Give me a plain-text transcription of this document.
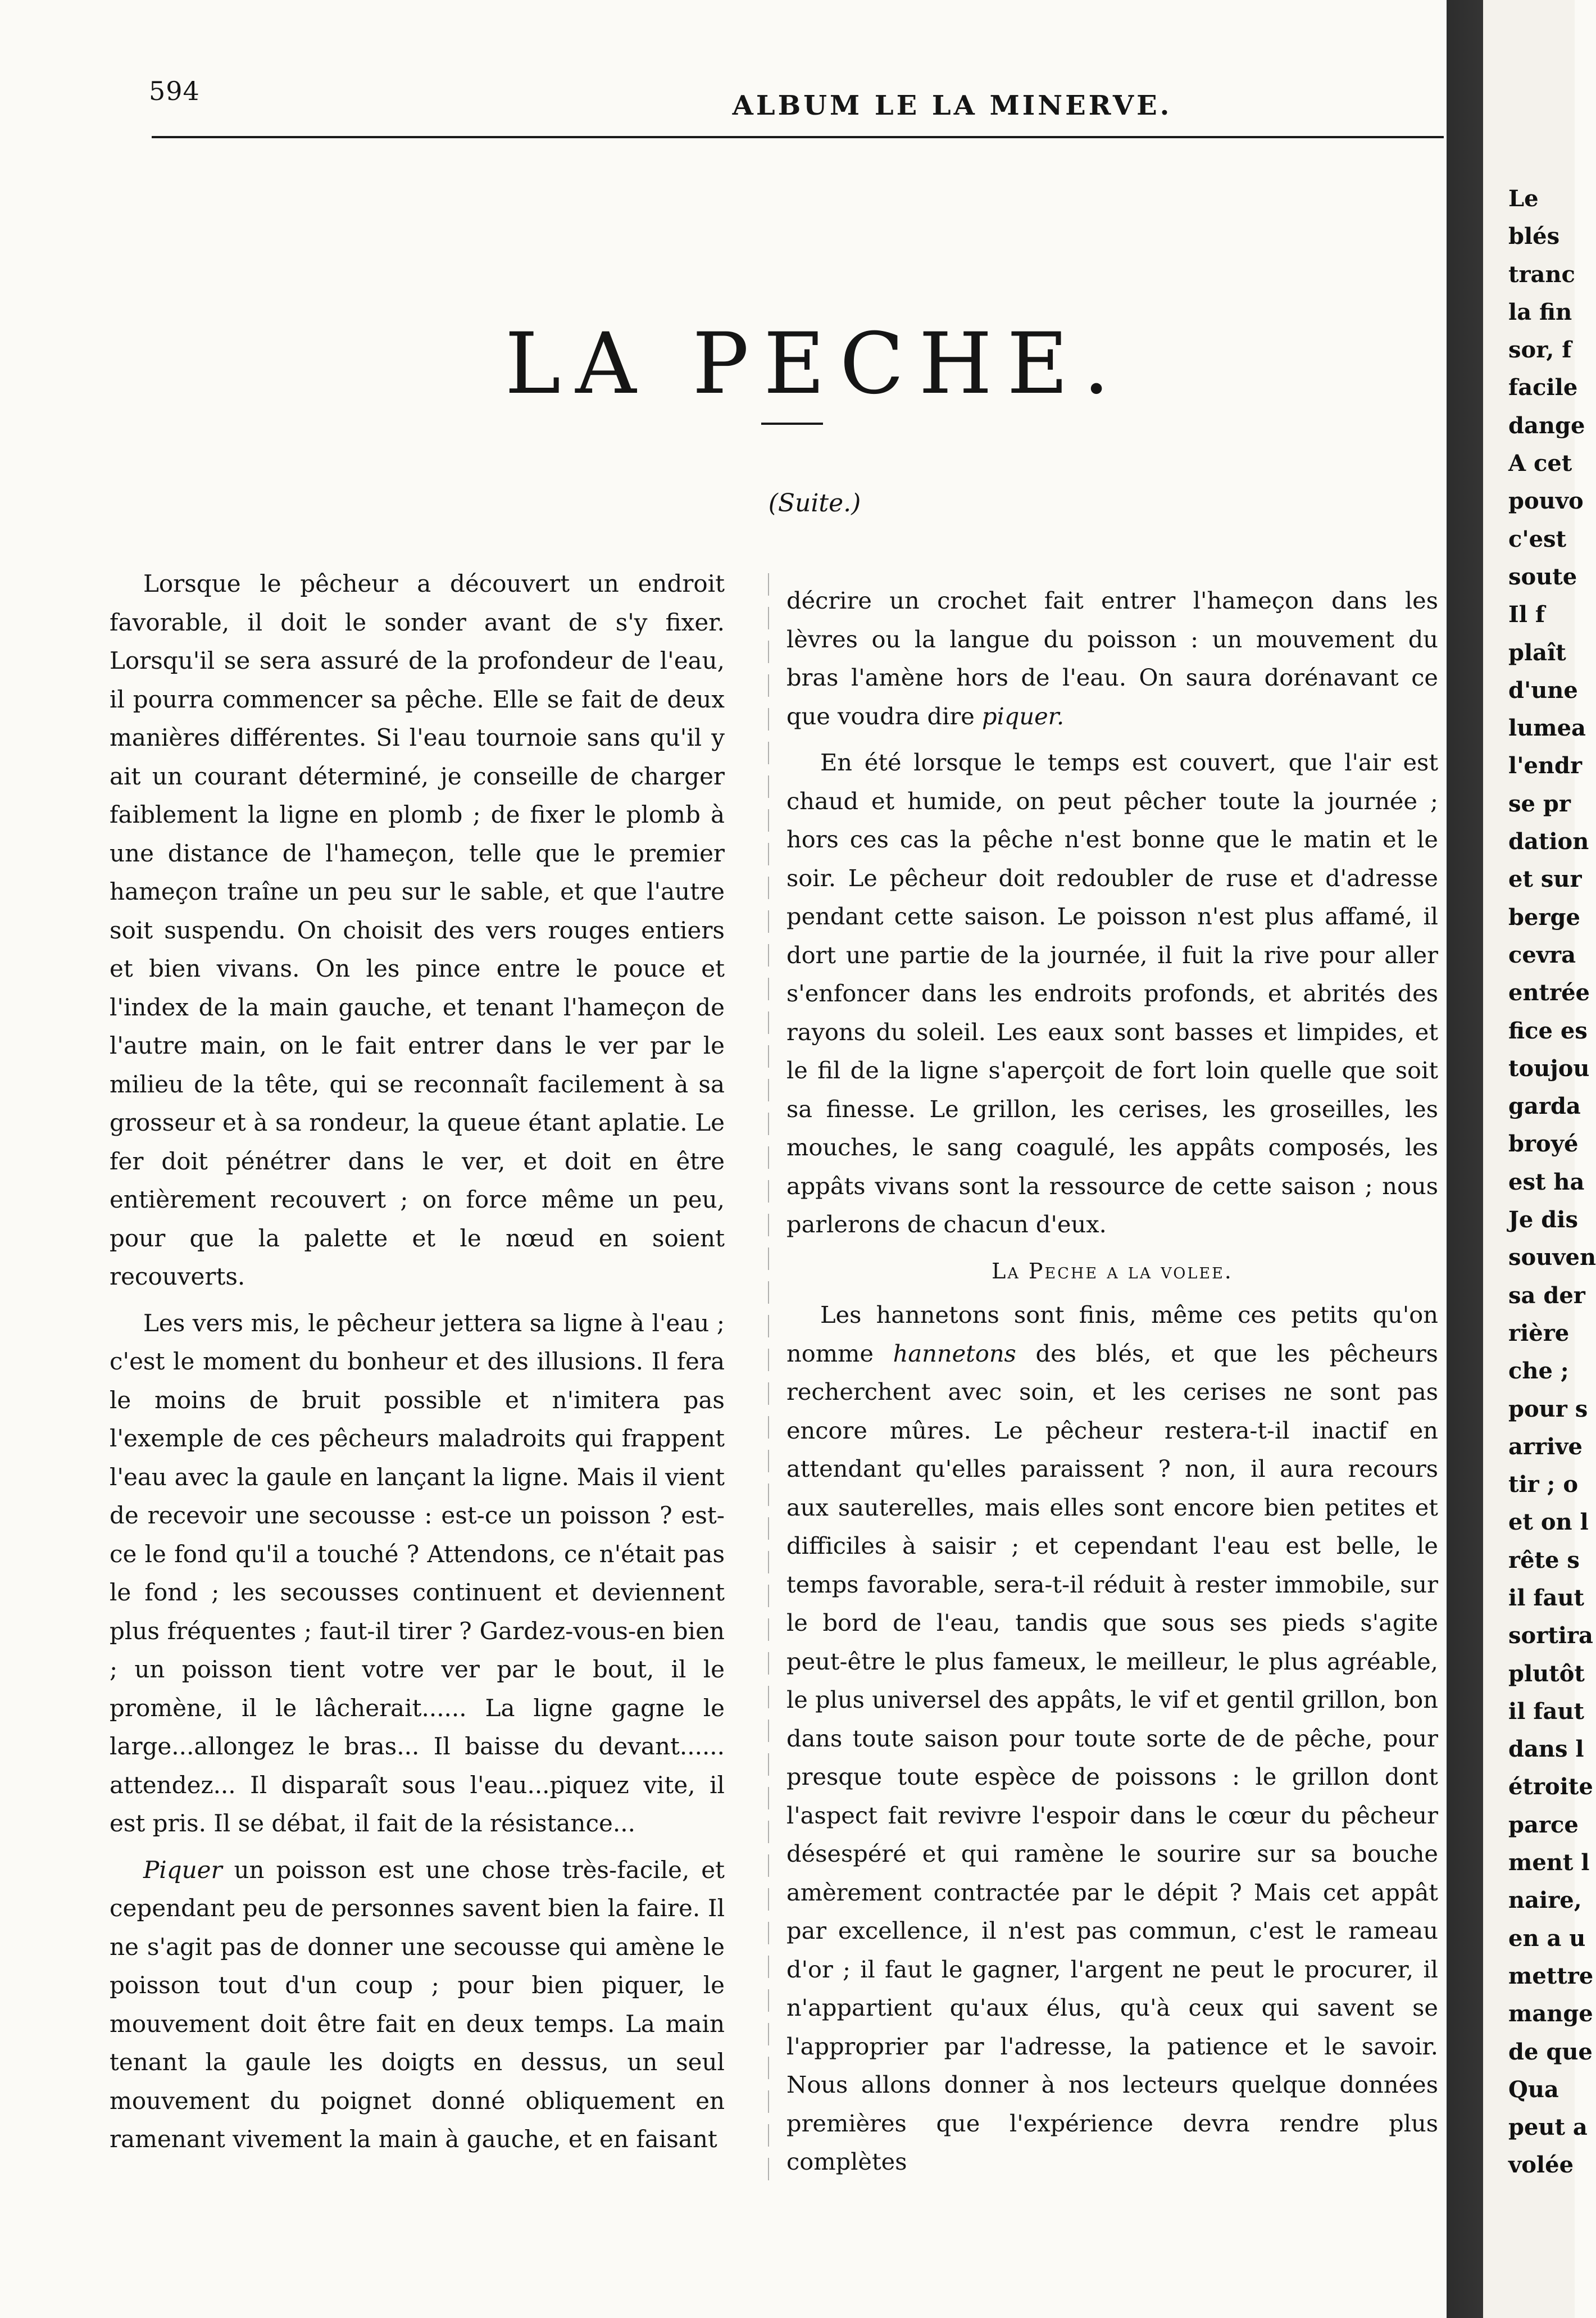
594	ALBUM LE LA MINERVE.
LA PECHE.
(Suite.)

Lorsque le pêcheur a découvert un endroit favorable, il doit le sonder avant de s'y fixer. Lorsqu'il se sera assuré de la profondeur de l'eau, il pourra commencer sa pêche. Elle se fait de deux manières différentes. Si l'eau tournoie sans qu'il y ait un courant déterminé, je conseille de charger faiblement la ligne en plomb ; de fixer le plomb à une distance de l'hameçon, telle que le premier hameçon traîne un peu sur le sable, et que l'autre soit suspendu. On choisit des vers rouges entiers et bien vivans. On les pince entre le pouce et l'index de la main gauche, et tenant l'hameçon de l'autre main, on le fait entrer dans le ver par le milieu de la tête, qui se reconnaît facilement à sa grosseur et à sa rondeur, la queue étant aplatie. Le fer doit pénétrer dans le ver, et doit en être entièrement recouvert ; on force même un peu, pour que la palette et le nœud en soient recouverts.

Les vers mis, le pêcheur jettera sa ligne à l'eau ; c'est le moment du bonheur et des illusions. Il fera le moins de bruit possible et n'imitera pas l'exemple de ces pêcheurs maladroits qui frappent l'eau avec la gaule en lançant la ligne. Mais il vient de recevoir une secousse : est-ce un poisson ? est-ce le fond qu'il a touché ? Attendons, ce n'était pas le fond ; les secousses continuent et deviennent plus fréquentes ; faut-il tirer ? Gardez-vous-en bien ; un poisson tient votre ver par le bout, il le promène, il le lâcherait...... La ligne gagne le large...allongez le bras... Il baisse du devant...... attendez... Il disparaît sous l'eau...piquez vite, il est pris. Il se débat, il fait de la résistance...

Piquer un poisson est une chose très-facile, et cependant peu de personnes savent bien la faire. Il ne s'agit pas de donner une secousse qui amène le poisson tout d'un coup ; pour bien piquer, le mouvement doit être fait en deux temps. La main tenant la gaule les doigts en dessus, un seul mouvement du poignet donné obliquement en ramenant vivement la main à gauche, et en faisant

décrire un crochet fait entrer l'hameçon dans les lèvres ou la langue du poisson : un mouvement du bras l'amène hors de l'eau. On saura dorénavant ce que voudra dire piquer.

En été lorsque le temps est couvert, que l'air est chaud et humide, on peut pêcher toute la journée ; hors ces cas la pêche n'est bonne que le matin et le soir. Le pêcheur doit redoubler de ruse et d'adresse pendant cette saison. Le poisson n'est plus affamé, il dort une partie de la journée, il fuit la rive pour aller s'enfoncer dans les endroits profonds, et abrités des rayons du soleil. Les eaux sont basses et limpides, et le fil de la ligne s'aperçoit de fort loin quelle que soit sa finesse. Le grillon, les cerises, les groseilles, les mouches, le sang coagulé, les appâts composés, les appâts vivans sont la ressource de cette saison ; nous parlerons de chacun d'eux.

La Peche a la volee.

Les hannetons sont finis, même ces petits qu'on nomme hannetons des blés, et que les pêcheurs recherchent avec soin, et les cerises ne sont pas encore mûres. Le pêcheur restera-t-il inactif en attendant qu'elles paraissent ? non, il aura recours aux sauterelles, mais elles sont encore bien petites et difficiles à saisir ; et cependant l'eau est belle, le temps favorable, sera-t-il réduit à rester immobile, sur le bord de l'eau, tandis que sous ses pieds s'agite peut-être le plus fameux, le meilleur, le plus agréable, le plus universel des appâts, le vif et gentil grillon, bon dans toute saison pour toute sorte de de pêche, pour presque toute espèce de poissons : le grillon dont l'aspect fait revivre l'espoir dans le cœur du pêcheur désespéré et qui ramène le sourire sur sa bouche amèrement contractée par le dépit ? Mais cet appât par excellence, il n'est pas commun, c'est le rameau d'or ; il faut le gagner, l'argent ne peut le procurer, il n'appartient qu'aux élus, qu'à ceux qui savent se l'approprier par l'adresse, la patience et le savoir. Nous allons donner à nos lecteurs quelque données premières que l'expérience devra rendre plus complètes

Le
blés
tranc
la fin
sor, f
facile
dange
A cet
pouvo
c'est
soute
Il f
plaît
d'une
lumea
l'endr
se pr
dation
et sur
berge
cevra
entrée
fice es
toujou
garda
broyé
est ha
Je dis
souven
sa der
rière
che ;
pour s
arrive
tir ; o
et on l
rête s
il faut
sortira
plutôt
il faut
dans l
étroite
parce
ment l
naire,
en a u
mettre
mange
de que
Qua
peut a
volée
